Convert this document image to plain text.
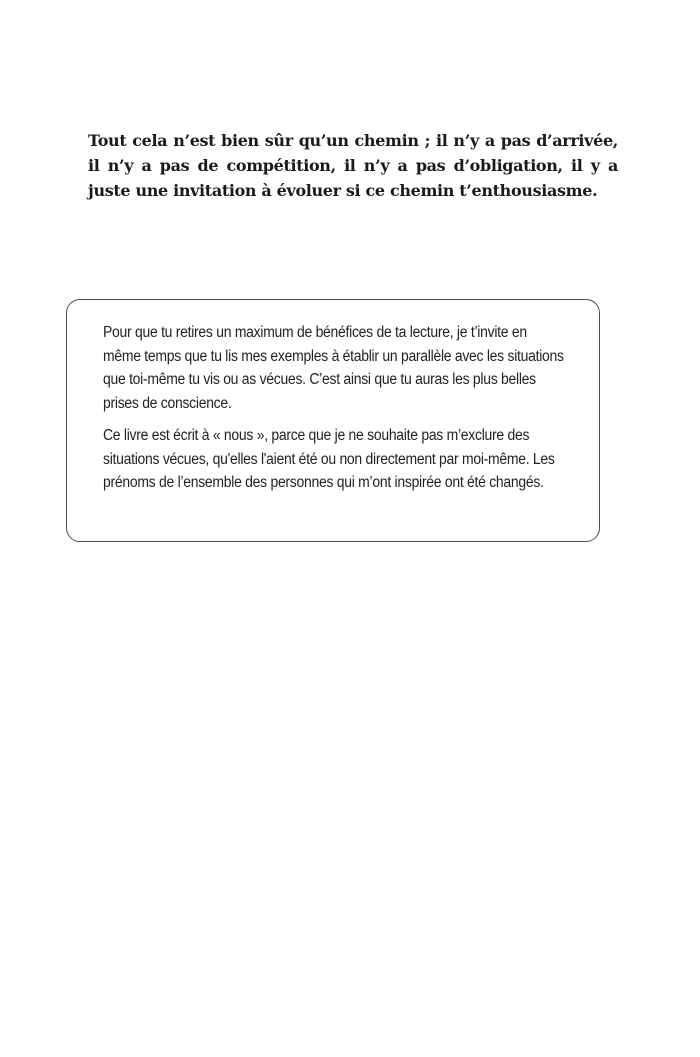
Tout cela n’est bien sûr qu’un chemin ; il n’y a pas d’arrivée, il n’y a pas de compétition, il n’y a pas d’obligation, il y a juste une invitation à évoluer si ce chemin t’enthousiasme.

Pour que tu retires un maximum de bénéfices de ta lecture, je t’invite en même temps que tu lis mes exemples à établir un parallèle avec les situations que toi-même tu vis ou as vécues. C’est ainsi que tu auras les plus belles prises de conscience.

Ce livre est écrit à « nous », parce que je ne souhaite pas m’exclure des situations vécues, qu'elles l'aient été ou non directement par moi-même. Les prénoms de l’ensemble des personnes qui m’ont inspirée ont été changés.
